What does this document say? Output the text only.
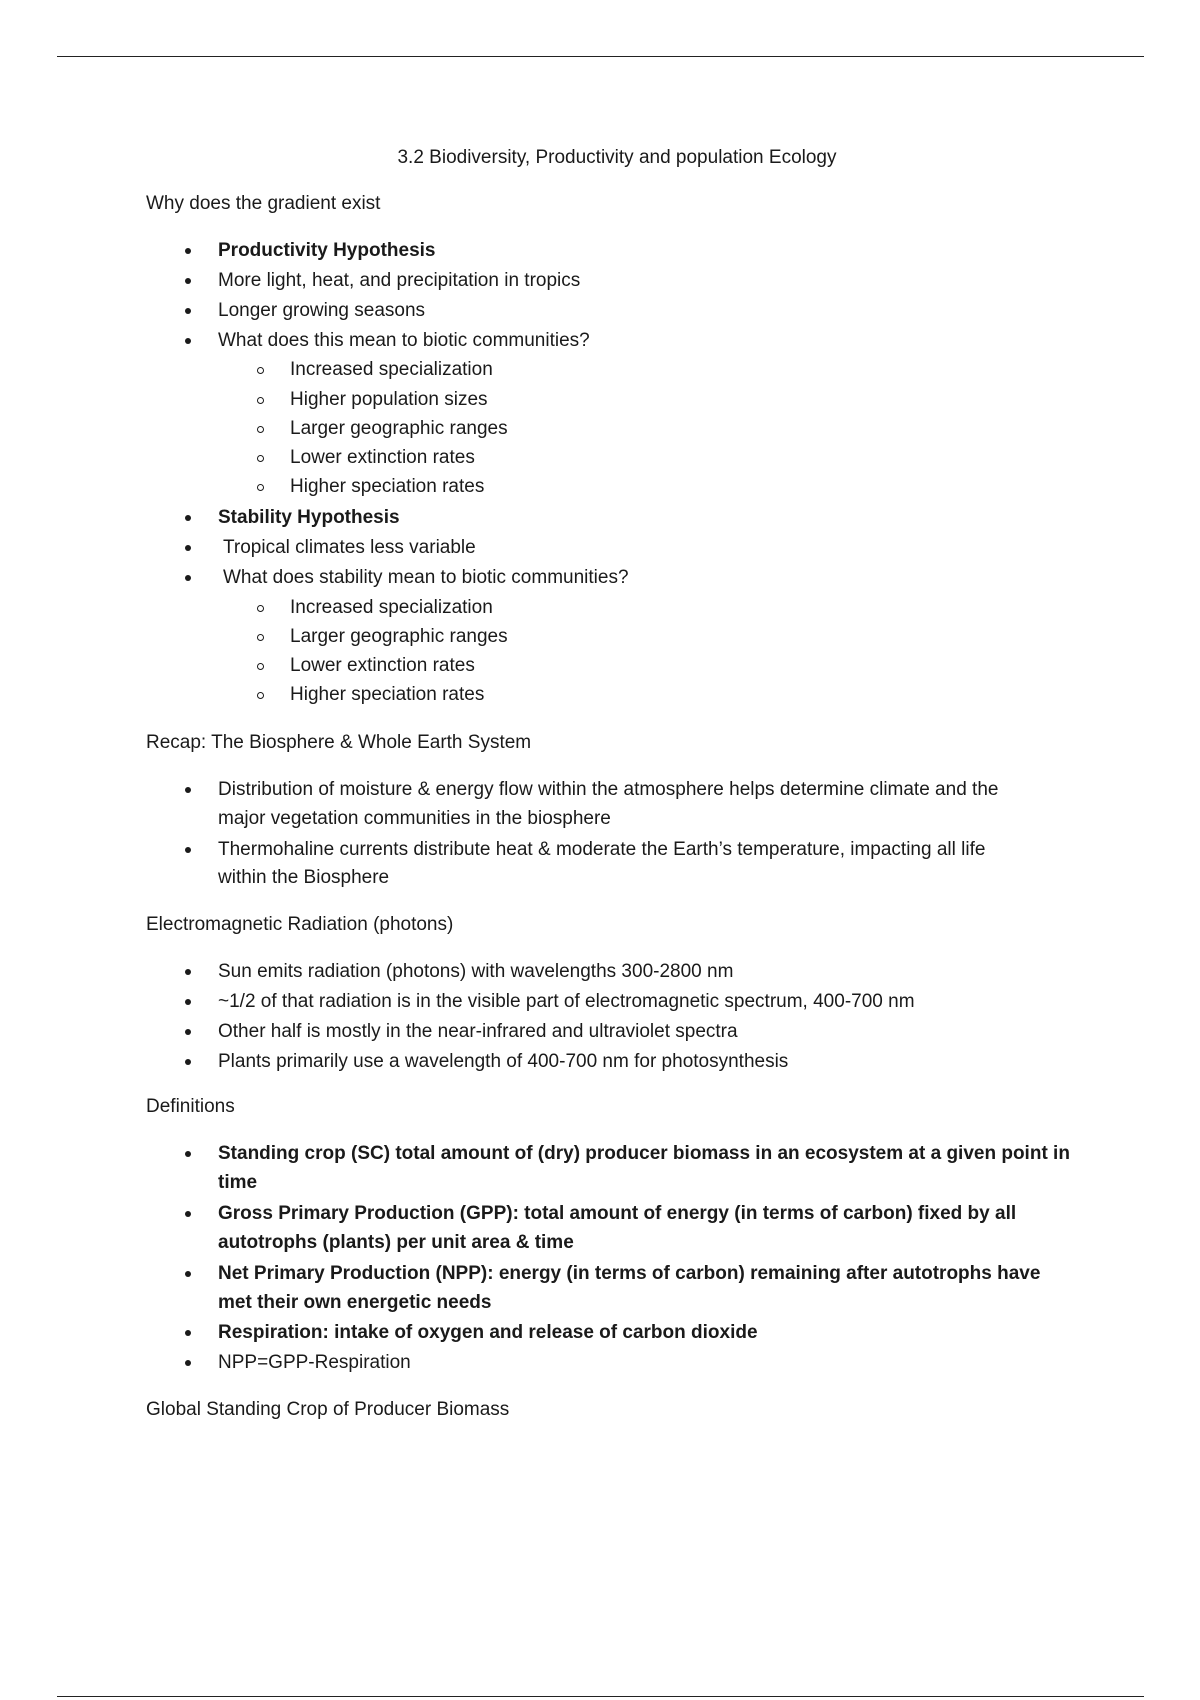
3.2 Biodiversity, Productivity and population Ecology
Why does the gradient exist
Productivity Hypothesis
More light, heat, and precipitation in tropics
Longer growing seasons
What does this mean to biotic communities?
Increased specialization
Higher population sizes
Larger geographic ranges
Lower extinction rates
Higher speciation rates
Stability Hypothesis
Tropical climates less variable
What does stability mean to biotic communities?
Increased specialization
Larger geographic ranges
Lower extinction rates
Higher speciation rates
Recap: The Biosphere & Whole Earth System
Distribution of moisture & energy flow within the atmosphere helps determine climate and the
major vegetation communities in the biosphere
Thermohaline currents distribute heat & moderate the Earth’s temperature, impacting all life
within the Biosphere
Electromagnetic Radiation (photons)
Sun emits radiation (photons) with wavelengths 300-2800 nm
~1/2 of that radiation is in the visible part of electromagnetic spectrum, 400-700 nm
Other half is mostly in the near-infrared and ultraviolet spectra
Plants primarily use a wavelength of 400-700 nm for photosynthesis
Definitions
Standing crop (SC) total amount of (dry) producer biomass in an ecosystem at a given point in
time
Gross Primary Production (GPP): total amount of energy (in terms of carbon) fixed by all
autotrophs (plants) per unit area & time
Net Primary Production (NPP): energy (in terms of carbon) remaining after autotrophs have
met their own energetic needs
Respiration: intake of oxygen and release of carbon dioxide
NPP=GPP-Respiration
Global Standing Crop of Producer Biomass
